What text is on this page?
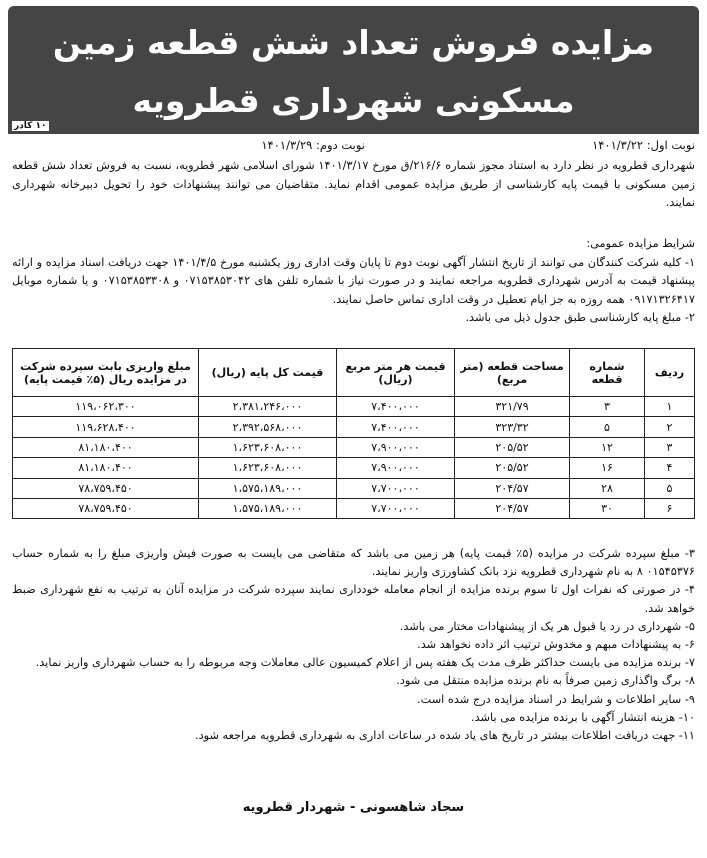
مزایده فروش تعداد شش قطعه زمین
مسکونی شهرداری قطرویه
۱۰ کادر
نوبت اول: ۱۴۰۱/۳/۲۲
نوبت دوم: ۱۴۰۱/۳/۲۹

شهرداری قطرویه در نظر دارد به استناد مجوز شماره ۲۱۶/۶/ق مورخ ۱۴۰۱/۳/۱۷ شورای اسلامی شهر قطرویه، نسبت به فروش تعداد شش قطعه زمین مسکونی با قیمت پایه کارشناسی از طریق مزایده عمومی اقدام نماید. متقاضیان می توانند پیشنهادات خود را تحویل دبیرخانه شهرداری نمایند.

شرایط مزایده عمومی:
۱- کلیه شرکت کنندگان می توانند از تاریخ انتشار آگهی نوبت دوم تا پایان وقت اداری روز یکشنبه مورخ ۱۴۰۱/۴/۵ جهت دریافت اسناد مزایده و ارائه پیشنهاد قیمت به آدرس شهرداری قطرویه مراجعه نمایند و در صورت نیاز با شماره تلفن های ۰۷۱۵۳۸۵۳۰۴۲ و ۰۷۱۵۳۸۵۳۳۰۸ و یا شماره موبایل ۰۹۱۷۱۳۲۶۴۱۷ همه روزه به جز ایام تعطیل در وقت اداری تماس حاصل نمایند.
۲- مبلغ پایه کارشناسی طبق جدول ذیل می باشد.
ردیف	شماره قطعه	مساحت قطعه (متر مربع)	قیمت هر متر مربع (ریال)	قیمت کل پایه (ریال)	مبلغ واریزی بابت سپرده شرکت در مزایده ریال (۵٪ قیمت پایه)
۱	۳	۳۲۱/۷۹	۷،۴۰۰،۰۰۰	۲،۳۸۱،۲۴۶،۰۰۰	۱۱۹،۰۶۲،۳۰۰
۲	۵	۳۲۳/۳۲	۷،۴۰۰،۰۰۰	۲،۳۹۲،۵۶۸،۰۰۰	۱۱۹،۶۲۸،۴۰۰
۳	۱۲	۲۰۵/۵۲	۷،۹۰۰،۰۰۰	۱،۶۲۳،۶۰۸،۰۰۰	۸۱،۱۸۰،۴۰۰
۴	۱۶	۲۰۵/۵۲	۷،۹۰۰،۰۰۰	۱،۶۲۳،۶۰۸،۰۰۰	۸۱،۱۸۰،۴۰۰
۵	۲۸	۲۰۴/۵۷	۷،۷۰۰،۰۰۰	۱،۵۷۵،۱۸۹،۰۰۰	۷۸،۷۵۹،۴۵۰
۶	۳۰	۲۰۴/۵۷	۷،۷۰۰،۰۰۰	۱،۵۷۵،۱۸۹،۰۰۰	۷۸،۷۵۹،۴۵۰

۳- مبلغ سپرده شرکت در مزایده (۵٪ قیمت پایه) هر زمین می باشد که متقاضی می بایست به صورت فیش واریزی مبلغ را به شماره حساب ۰۱۵۴۵۳۷۶ ۸ به نام شهرداری قطرویه نزد بانک کشاورزی واریز نمایند.

۴- در صورتی که نفرات اول تا سوم برنده مزایده از انجام معامله خودداری نمایند سپرده شرکت در مزایده آنان به ترتیب به نفع شهرداری ضبط خواهد شد.

۵- شهرداری در رد یا قبول هر یک از پیشنهادات مختار می باشد.

۶- به پیشنهادات مبهم و مخدوش ترتیب اثر داده نخواهد شد.

۷- برنده مزایده می بایست حداکثر ظرف مدت یک هفته پس از اعلام کمیسیون عالی معاملات وجه مربوطه را به حساب شهرداری واریز نماید.

۸- برگ واگذاری زمین صرفاً به نام برنده مزایده منتقل می شود.

۹- سایر اطلاعات و شرایط در اسناد مزایده درج شده است.

۱۰- هزینه انتشار آگهی با برنده مزایده می باشد.

۱۱- جهت دریافت اطلاعات بیشتر در تاریخ های یاد شده در ساعات اداری به شهرداری قطرویه مراجعه شود.

سجاد شاهسونی - شهردار قطرویه
